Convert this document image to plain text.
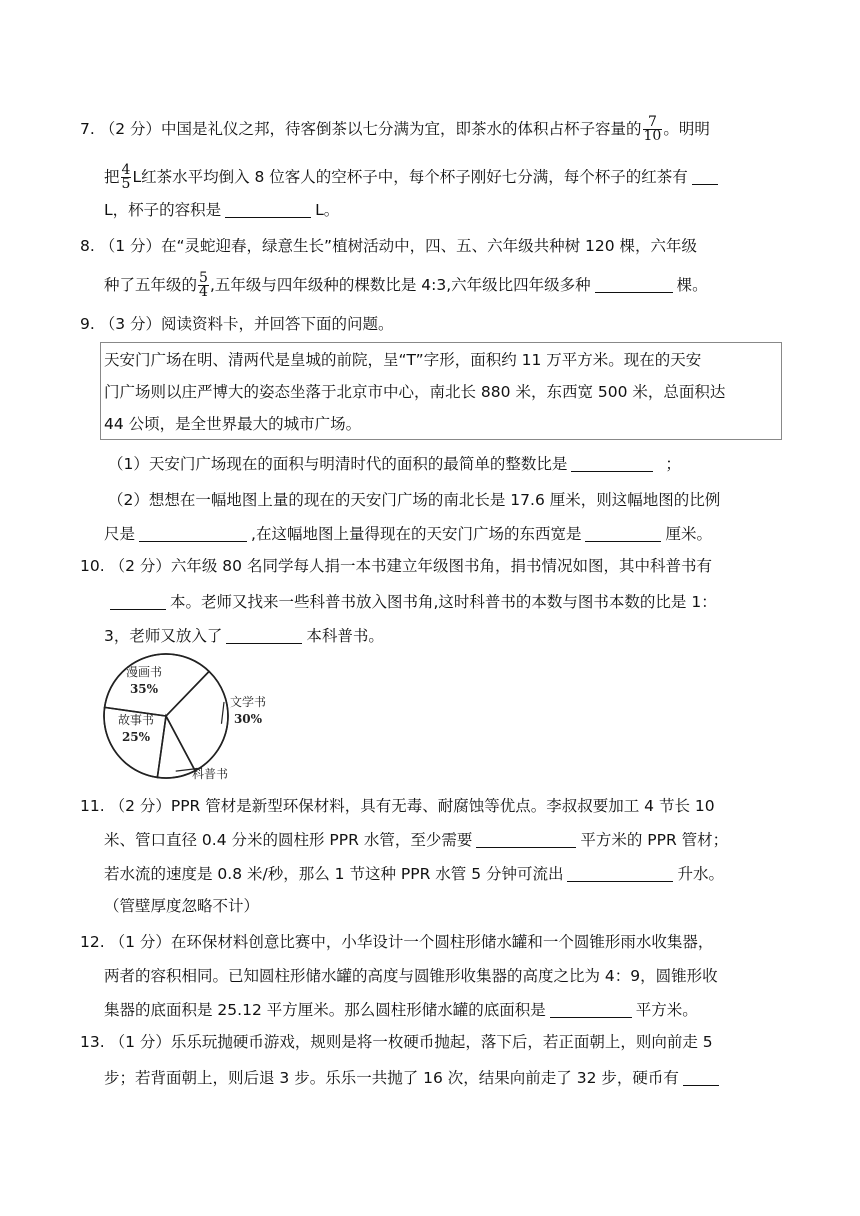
7. （2 分）中国是礼仪之邦，待客倒茶以七分满为宜，即茶水的体积占杯子容量的 $\frac{7}{10}$ 。明明
把 $\frac{4}{5}$ L红茶水平均倒入 8 位客人的空杯子中，每个杯子刚好七分满，每个杯子的红茶有
L，杯子的容积是	L。
8. （1 分）在“灵蛇迎春，绿意生长”植树活动中，四、五、六年级共种树 120 棵，六年级
种了五年级的 $\frac{5}{4}$ ,五年级与四年级种的棵数比是 4:3,六年级比四年级多种	棵。
9. （3 分）阅读资料卡，并回答下面的问题。
天安门广场在明、清两代是皇城的前院，呈“T”字形，面积约 11 万平方米。现在的天安
门广场则以庄严博大的姿态坐落于北京市中心，南北长 880 米，东西宽 500 米，总面积达
44 公顷，是全世界最大的城市广场。
（1）天安门广场现在的面积与明清时代的面积的最简单的整数比是	；
（2）想想在一幅地图上量的现在的天安门广场的南北长是 17.6 厘米，则这幅地图的比例
尺是	,在这幅地图上量得现在的天安门广场的东西宽是	厘米。
10. （2 分）六年级 80 名同学每人捐一本书建立年级图书角，捐书情况如图，其中科普书有
本。老师又找来一些科普书放入图书角,这时科普书的本数与图书本数的比是 1：
3，老师又放入了	本科普书。
漫画书
35%
文学书
30%
科普书
故事书
25%
11. （2 分）PPR 管材是新型环保材料，具有无毒、耐腐蚀等优点。李叔叔要加工 4 节长 10
米、管口直径 0.4 分米的圆柱形 PPR 水管，至少需要	平方米的 PPR 管材；
若水流的速度是 0.8 米/秒，那么 1 节这种 PPR 水管 5 分钟可流出	升水。
（管壁厚度忽略不计）
12. （1 分）在环保材料创意比赛中，小华设计一个圆柱形储水罐和一个圆锥形雨水收集器，
两者的容积相同。已知圆柱形储水罐的高度与圆锥形收集器的高度之比为 4：9，圆锥形收
集器的底面积是 25.12 平方厘米。那么圆柱形储水罐的底面积是	平方米。
13. （1 分）乐乐玩抛硬币游戏，规则是将一枚硬币抛起，落下后，若正面朝上，则向前走 5
步；若背面朝上，则后退 3 步。乐乐一共抛了 16 次，结果向前走了 32 步，硬币有
